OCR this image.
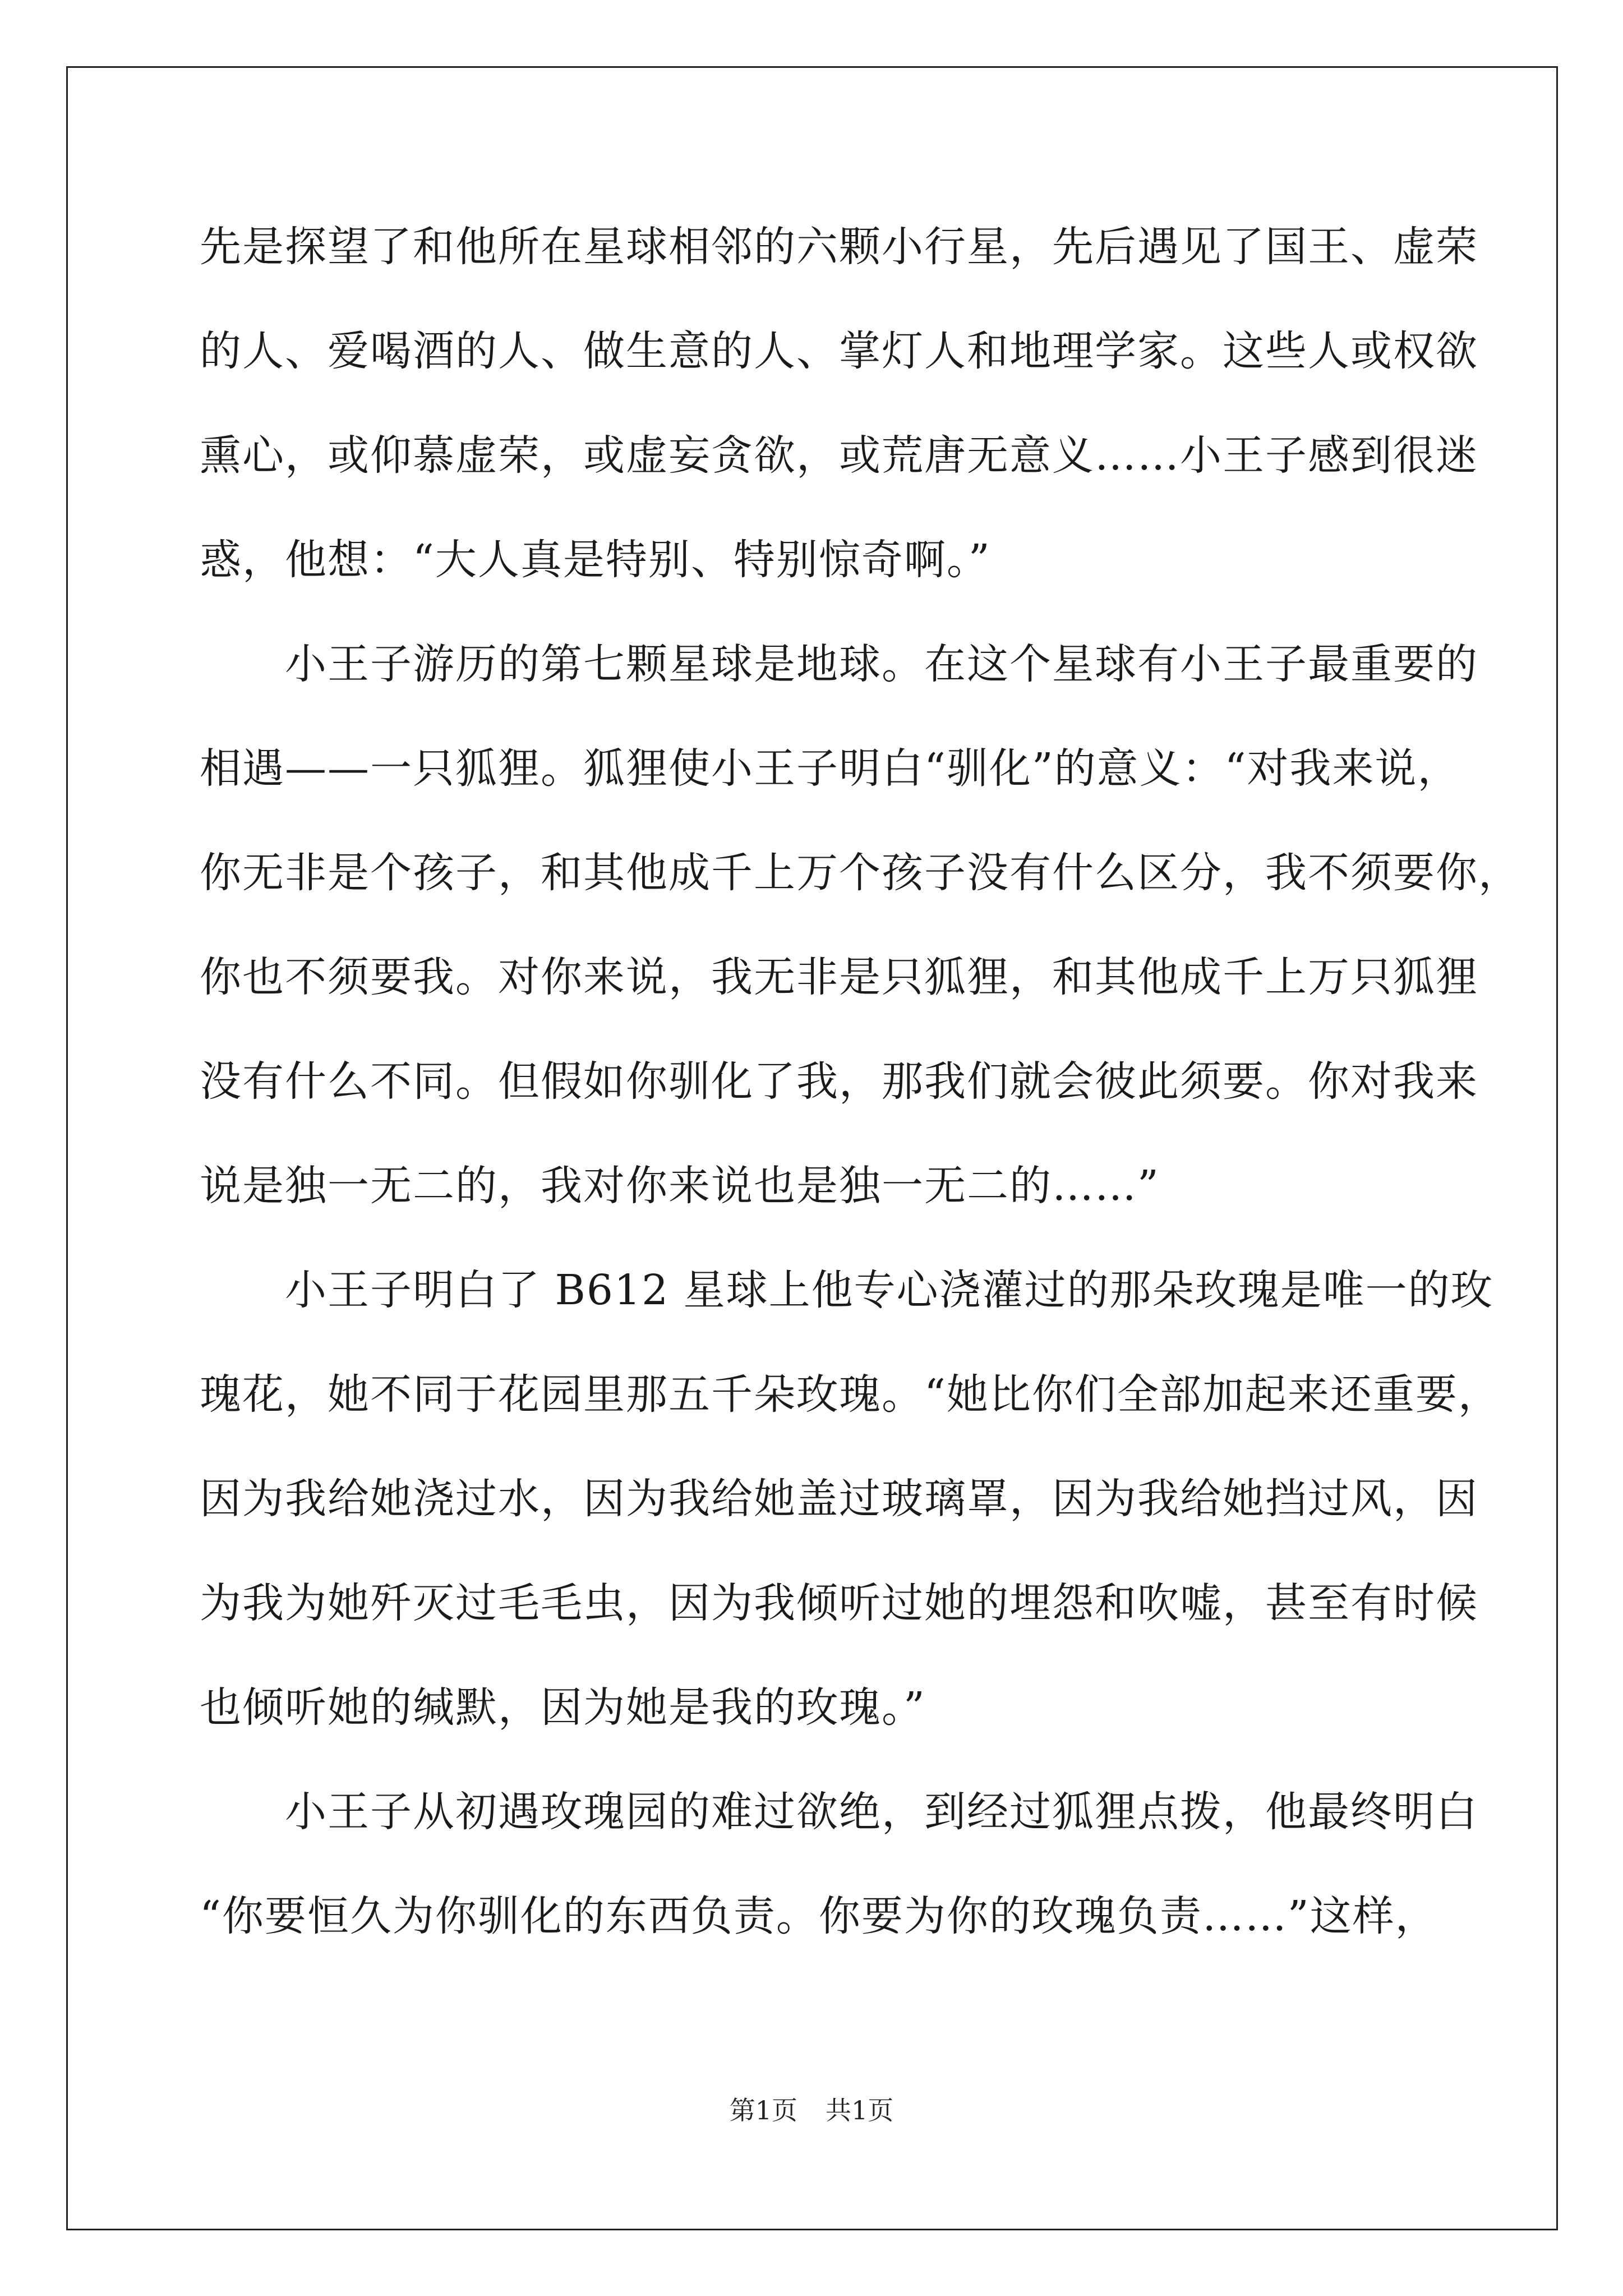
先是探望了和他所在星球相邻的六颗小行星，先后遇见了国王、虚荣
的人、爱喝酒的人、做生意的人、掌灯人和地理学家。这些人或权欲
熏心，或仰慕虚荣，或虚妄贪欲，或荒唐无意义……小王子感到很迷
惑，他想：“大人真是特别、特别惊奇啊。”
　　小王子游历的第七颗星球是地球。在这个星球有小王子最重要的
相遇——一只狐狸。狐狸使小王子明白“驯化”的意义：“对我来说，
你无非是个孩子，和其他成千上万个孩子没有什么区分，我不须要你，
你也不须要我。对你来说，我无非是只狐狸，和其他成千上万只狐狸
没有什么不同。但假如你驯化了我，那我们就会彼此须要。你对我来
说是独一无二的，我对你来说也是独一无二的……”
　　小王子明白了 B612 星球上他专心浇灌过的那朵玫瑰是唯一的玫
瑰花，她不同于花园里那五千朵玫瑰。“她比你们全部加起来还重要，
因为我给她浇过水，因为我给她盖过玻璃罩，因为我给她挡过风，因
为我为她歼灭过毛毛虫，因为我倾听过她的埋怨和吹嘘，甚至有时候
也倾听她的缄默，因为她是我的玫瑰。”
　　小王子从初遇玫瑰园的难过欲绝，到经过狐狸点拨，他最终明白
“你要恒久为你驯化的东西负责。你要为你的玫瑰负责……”这样，
第1页 共1页
